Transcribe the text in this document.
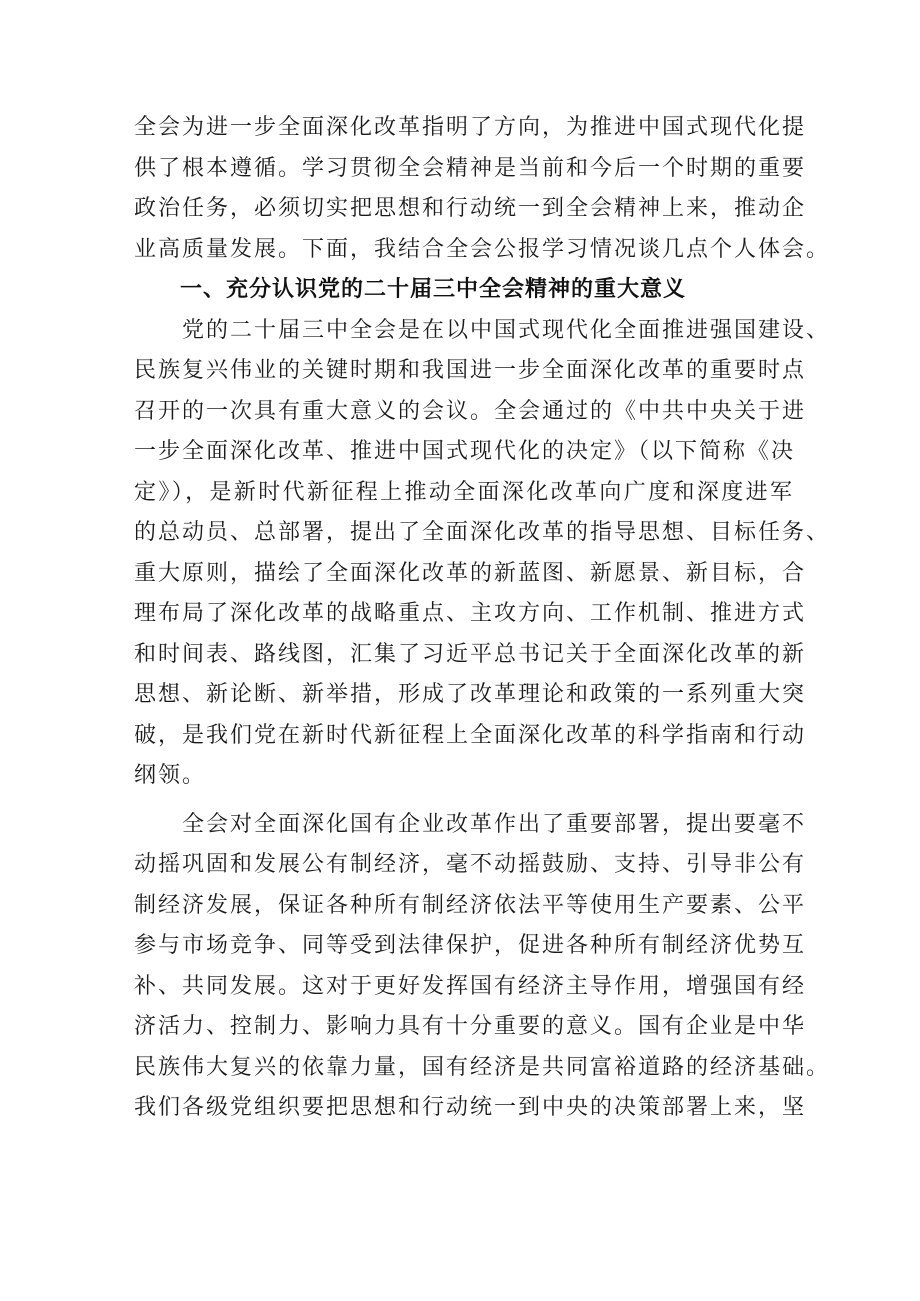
全会为进一步全面深化改革指明了方向，为推进中国式现代化提
供了根本遵循。学习贯彻全会精神是当前和今后一个时期的重要
政治任务，必须切实把思想和行动统一到全会精神上来，推动企
业高质量发展。下面，我结合全会公报学习情况谈几点个人体会。
一、充分认识党的二十届三中全会精神的重大意义
党的二十届三中全会是在以中国式现代化全面推进强国建设、
民族复兴伟业的关键时期和我国进一步全面深化改革的重要时点
召开的一次具有重大意义的会议。全会通过的《中共中央关于进
一步全面深化改革、推进中国式现代化的决定》（以下简称《决
定》），是新时代新征程上推动全面深化改革向广度和深度进军
的总动员、总部署，提出了全面深化改革的指导思想、目标任务、
重大原则，描绘了全面深化改革的新蓝图、新愿景、新目标，合
理布局了深化改革的战略重点、主攻方向、工作机制、推进方式
和时间表、路线图，汇集了习近平总书记关于全面深化改革的新
思想、新论断、新举措，形成了改革理论和政策的一系列重大突
破，是我们党在新时代新征程上全面深化改革的科学指南和行动
纲领。
全会对全面深化国有企业改革作出了重要部署，提出要毫不
动摇巩固和发展公有制经济，毫不动摇鼓励、支持、引导非公有
制经济发展，保证各种所有制经济依法平等使用生产要素、公平
参与市场竞争、同等受到法律保护，促进各种所有制经济优势互
补、共同发展。这对于更好发挥国有经济主导作用，增强国有经
济活力、控制力、影响力具有十分重要的意义。国有企业是中华
民族伟大复兴的依靠力量，国有经济是共同富裕道路的经济基础。
我们各级党组织要把思想和行动统一到中央的决策部署上来，坚
